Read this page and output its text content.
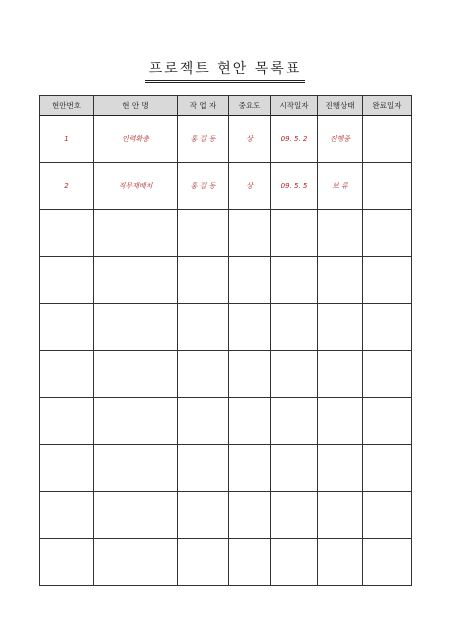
프로젝트 현안 목록표
현안번호	현 안 명	작 업 자	중요도	시작일자	진행상태	완료일자
1	인력확충	홍 길 동	상	09. 5. 2	진행중	
2	직무재배치	홍 길 동	상	09. 5. 5	보 류	
